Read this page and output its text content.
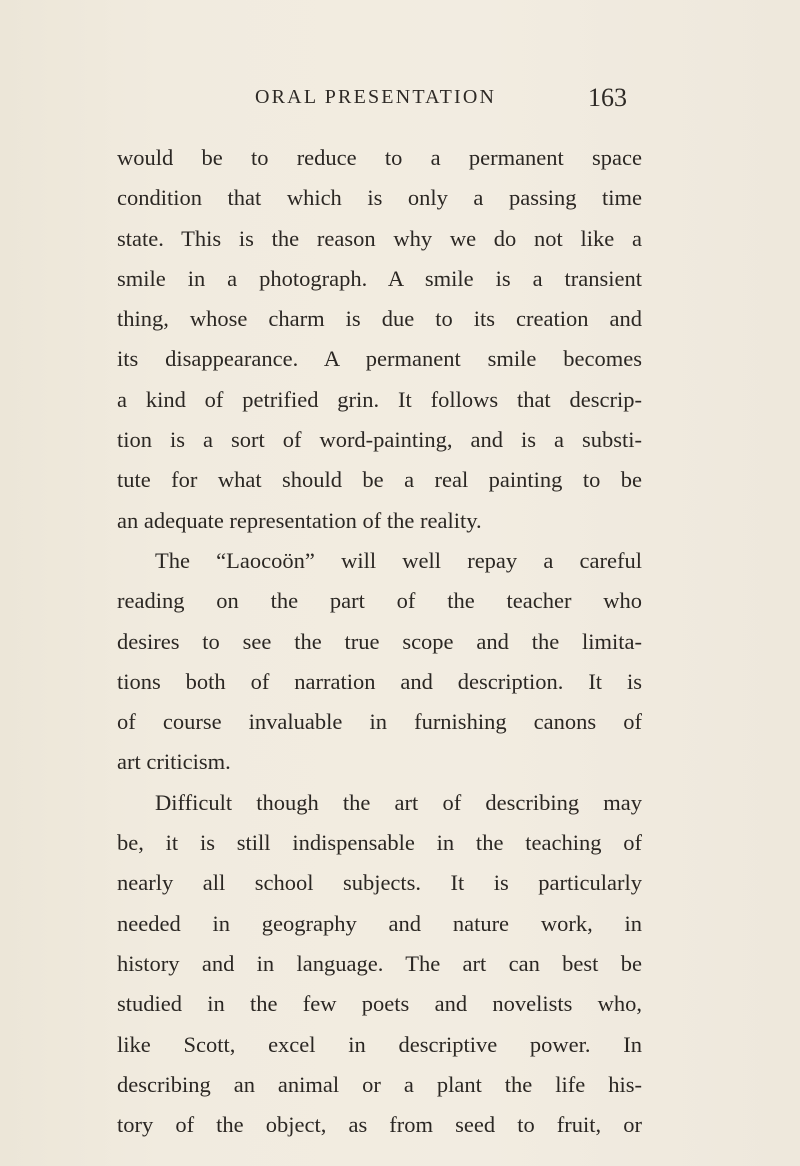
ORAL PRESENTATION	163
would be to reduce to a permanent space
condition that which is only a passing time
state. This is the reason why we do not like a
smile in a photograph. A smile is a transient
thing, whose charm is due to its creation and
its disappearance. A permanent smile becomes
a kind of petrified grin. It follows that descrip-
tion is a sort of word-painting, and is a substi-
tute for what should be a real painting to be
an adequate representation of the reality.
The “Laocoön” will well repay a careful
reading on the part of the teacher who
desires to see the true scope and the limita-
tions both of narration and description. It is
of course invaluable in furnishing canons of
art criticism.
Difficult though the art of describing may
be, it is still indispensable in the teaching of
nearly all school subjects. It is particularly
needed in geography and nature work, in
history and in language. The art can best be
studied in the few poets and novelists who,
like Scott, excel in descriptive power. In
describing an animal or a plant the life his-
tory of the object, as from seed to fruit, or
